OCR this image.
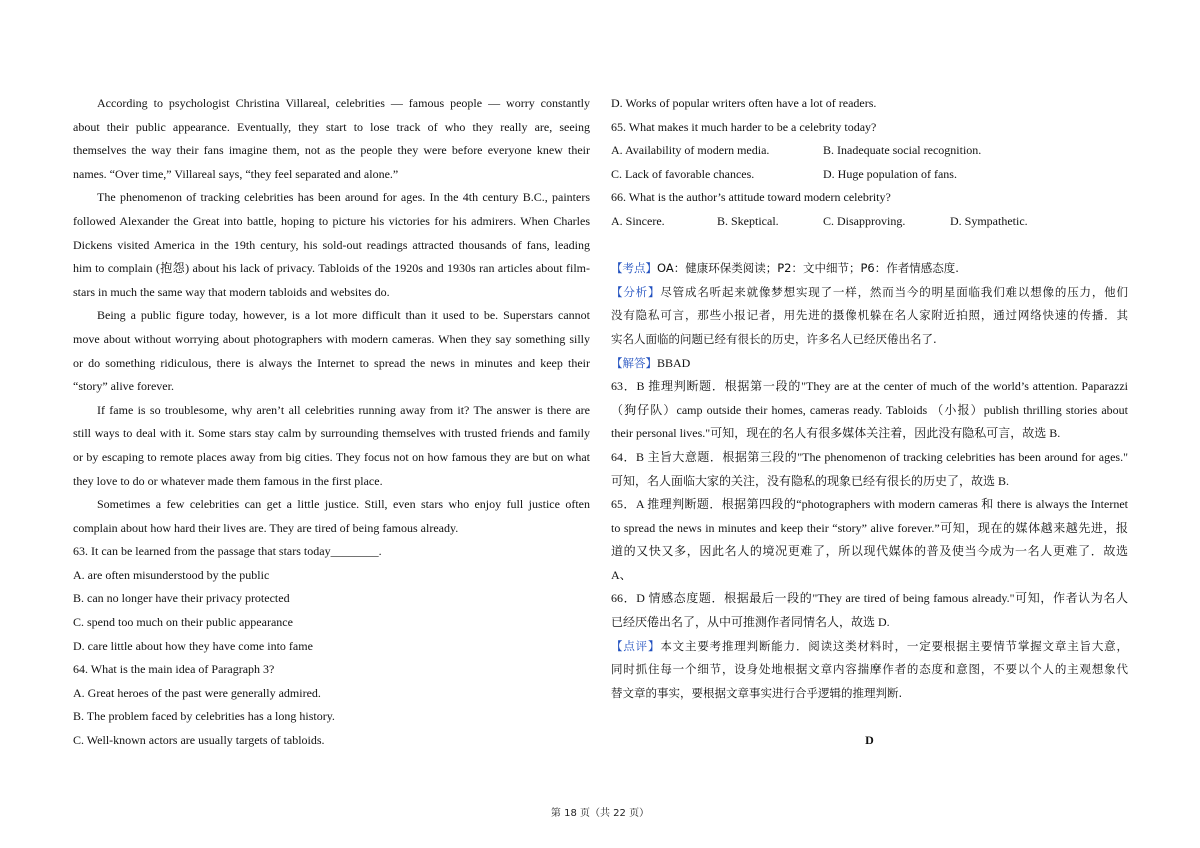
According to psychologist Christina Villareal, celebrities — famous people — worry constantly
about their public appearance. Eventually, they start to lose track of who they really are, seeing
themselves the way their fans imagine them, not as the people they were before everyone knew their
names. “Over time,” Villareal says, “they feel separated and alone.”
The phenomenon of tracking celebrities has been around for ages. In the 4th century B.C., painters
followed Alexander the Great into battle, hoping to picture his victories for his admirers. When Charles
Dickens visited America in the 19th century, his sold-out readings attracted thousands of fans, leading
him to complain (抱怨) about his lack of privacy. Tabloids of the 1920s and 1930s ran articles about film-
stars in much the same way that modern tabloids and websites do.
Being a public figure today, however, is a lot more difficult than it used to be. Superstars cannot
move about without worrying about photographers with modern cameras. When they say something silly
or do something ridiculous, there is always the Internet to spread the news in minutes and keep their
“story” alive forever.
If fame is so troublesome, why aren’t all celebrities running away from it? The answer is there are
still ways to deal with it. Some stars stay calm by surrounding themselves with trusted friends and family
or by escaping to remote places away from big cities. They focus not on how famous they are but on what
they love to do or whatever made them famous in the first place.
Sometimes a few celebrities can get a little justice. Still, even stars who enjoy full justice often
complain about how hard their lives are. They are tired of being famous already.
63. It can be learned from the passage that stars today________.
A. are often misunderstood by the public
B. can no longer have their privacy protected
C. spend too much on their public appearance
D. care little about how they have come into fame
64. What is the main idea of Paragraph 3?
A. Great heroes of the past were generally admired.
B. The problem faced by celebrities has a long history.
C. Well-known actors are usually targets of tabloids.
D. Works of popular writers often have a lot of readers.
65. What makes it much harder to be a celebrity today?
A. Availability of modern media.	B. Inadequate social recognition.
C. Lack of favorable chances.	D. Huge population of fans.
66. What is the author’s attitude toward modern celebrity?
A. Sincere.	B. Skeptical.	C. Disapproving.	D. Sympathetic.
【考点】OA：健康环保类阅读；P2：文中细节；P6：作者情感态度.
【分析】尽管成名听起来就像梦想实现了一样，然而当今的明星面临我们难以想像的压力，他们
没有隐私可言，那些小报记者，用先进的摄像机躲在名人家附近拍照，通过网络快速的传播．其
实名人面临的问题已经有很长的历史，许多名人已经厌倦出名了.
【解答】BBAD
63．B 推理判断题．根据第一段的"They are at the center of much of the world’s attention. Paparazzi
（狗仔队）camp outside their homes, cameras ready. Tabloids （小报）publish thrilling stories about
their personal lives."可知，现在的名人有很多媒体关注着，因此没有隐私可言，故选 B.
64．B 主旨大意题．根据第三段的"The phenomenon of tracking celebrities has been around for ages."
可知，名人面临大家的关注，没有隐私的现象已经有很长的历史了，故选 B.
65．A 推理判断题．根据第四段的“photographers with modern cameras 和 there is always the Internet
to spread the news in minutes and keep their “story” alive forever.”可知，现在的媒体越来越先进，报
道的又快又多，因此名人的境况更难了，所以现代媒体的普及使当今成为一名人更难了．故选
A、
66．D 情感态度题．根据最后一段的"They are tired of being famous already."可知，作者认为名人
已经厌倦出名了，从中可推测作者同情名人，故选 D.
【点评】本文主要考推理判断能力．阅读这类材料时，一定要根据主要情节掌握文章主旨大意，
同时抓住每一个细节，设身处地根据文章内容揣摩作者的态度和意图，不要以个人的主观想象代
替文章的事实，要根据文章事实进行合乎逻辑的推理判断.
D
第 18 页（共 22 页）
